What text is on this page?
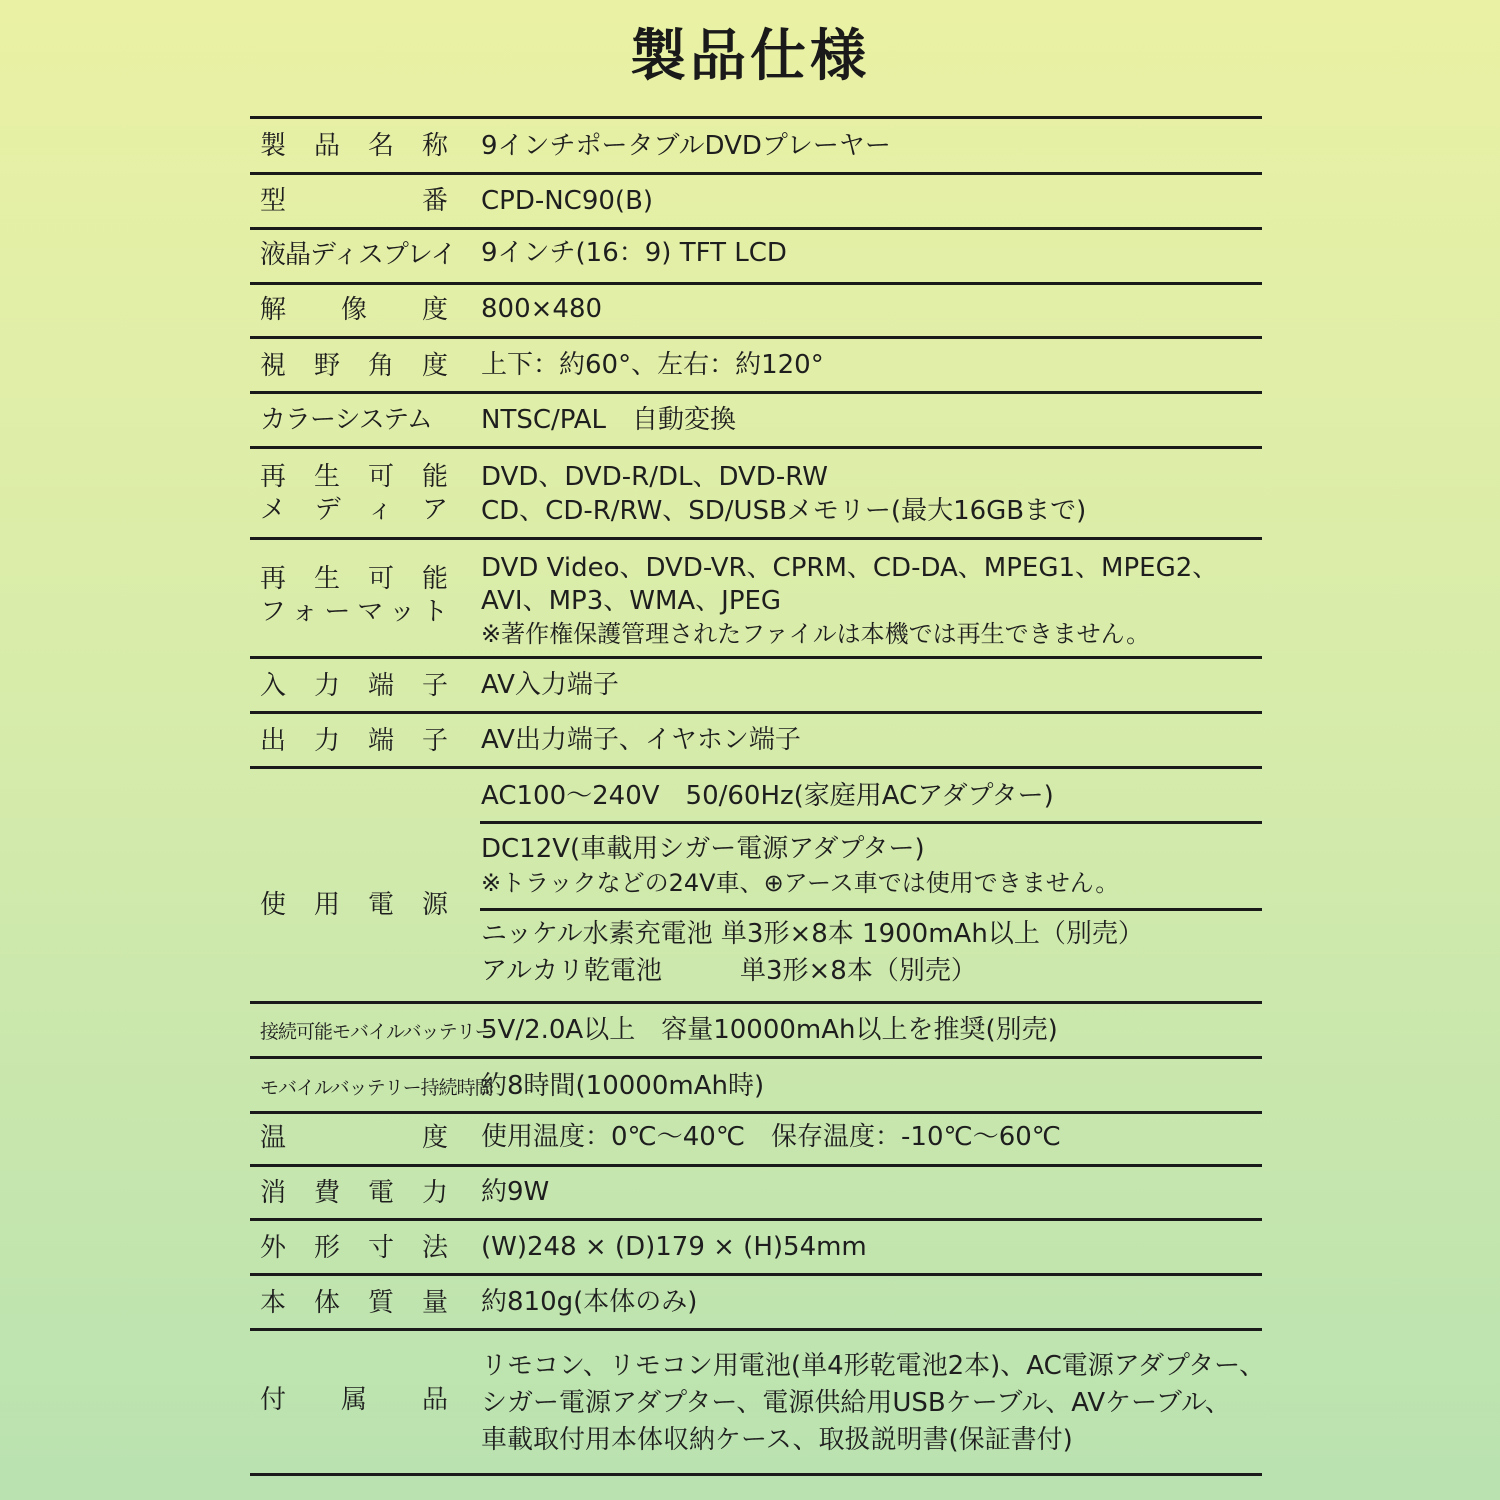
製品仕様
製品名称 9インチポータブルDVDプレーヤー
型番 CPD-NC90(B)
液晶ディスプレイ 9インチ(16：9) TFT LCD
解像度 800×480
視野角度 上下：約60°、左右：約120°
カラーシステム	NTSC/PAL　自動変換
再生可能
メディア
DVD、DVD-R/DL、DVD-RW
CD、CD-R/RW、SD/USBメモリー(最大16GBまで)
再生可能
フォーマット
DVD Video、DVD-VR、CPRM、CD-DA、MPEG1、MPEG2、
AVI、MP3、WMA、JPEG
※著作権保護管理されたファイルは本機では再生できません。
入力端子 AV入力端子
出力端子 AV出力端子、イヤホン端子
使用電源
AC100〜240V　50/60Hz(家庭用ACアダプター)
DC12V(車載用シガー電源アダプター)
※トラックなどの24V車、⊕アース車では使用できません。
ニッケル水素充電池 単3形×8本 1900mAh以上（別売）
アルカリ乾電池　　　単3形×8本（別売）
接続可能モバイルバッテリー
5V/2.0A以上　容量10000mAh以上を推奨(別売)
モバイルバッテリー持続時間
約8時間(10000mAh時)
温度 使用温度：0℃〜40℃　保存温度：-10℃〜60℃
消費電力 約9W
外形寸法 (W)248 × (D)179 × (H)54mm
本体質量 約810g(本体のみ)
付属品
リモコン、リモコン用電池(単4形乾電池2本)、AC電源アダプター、
シガー電源アダプター、電源供給用USBケーブル、AVケーブル、
車載取付用本体収納ケース、取扱説明書(保証書付)
